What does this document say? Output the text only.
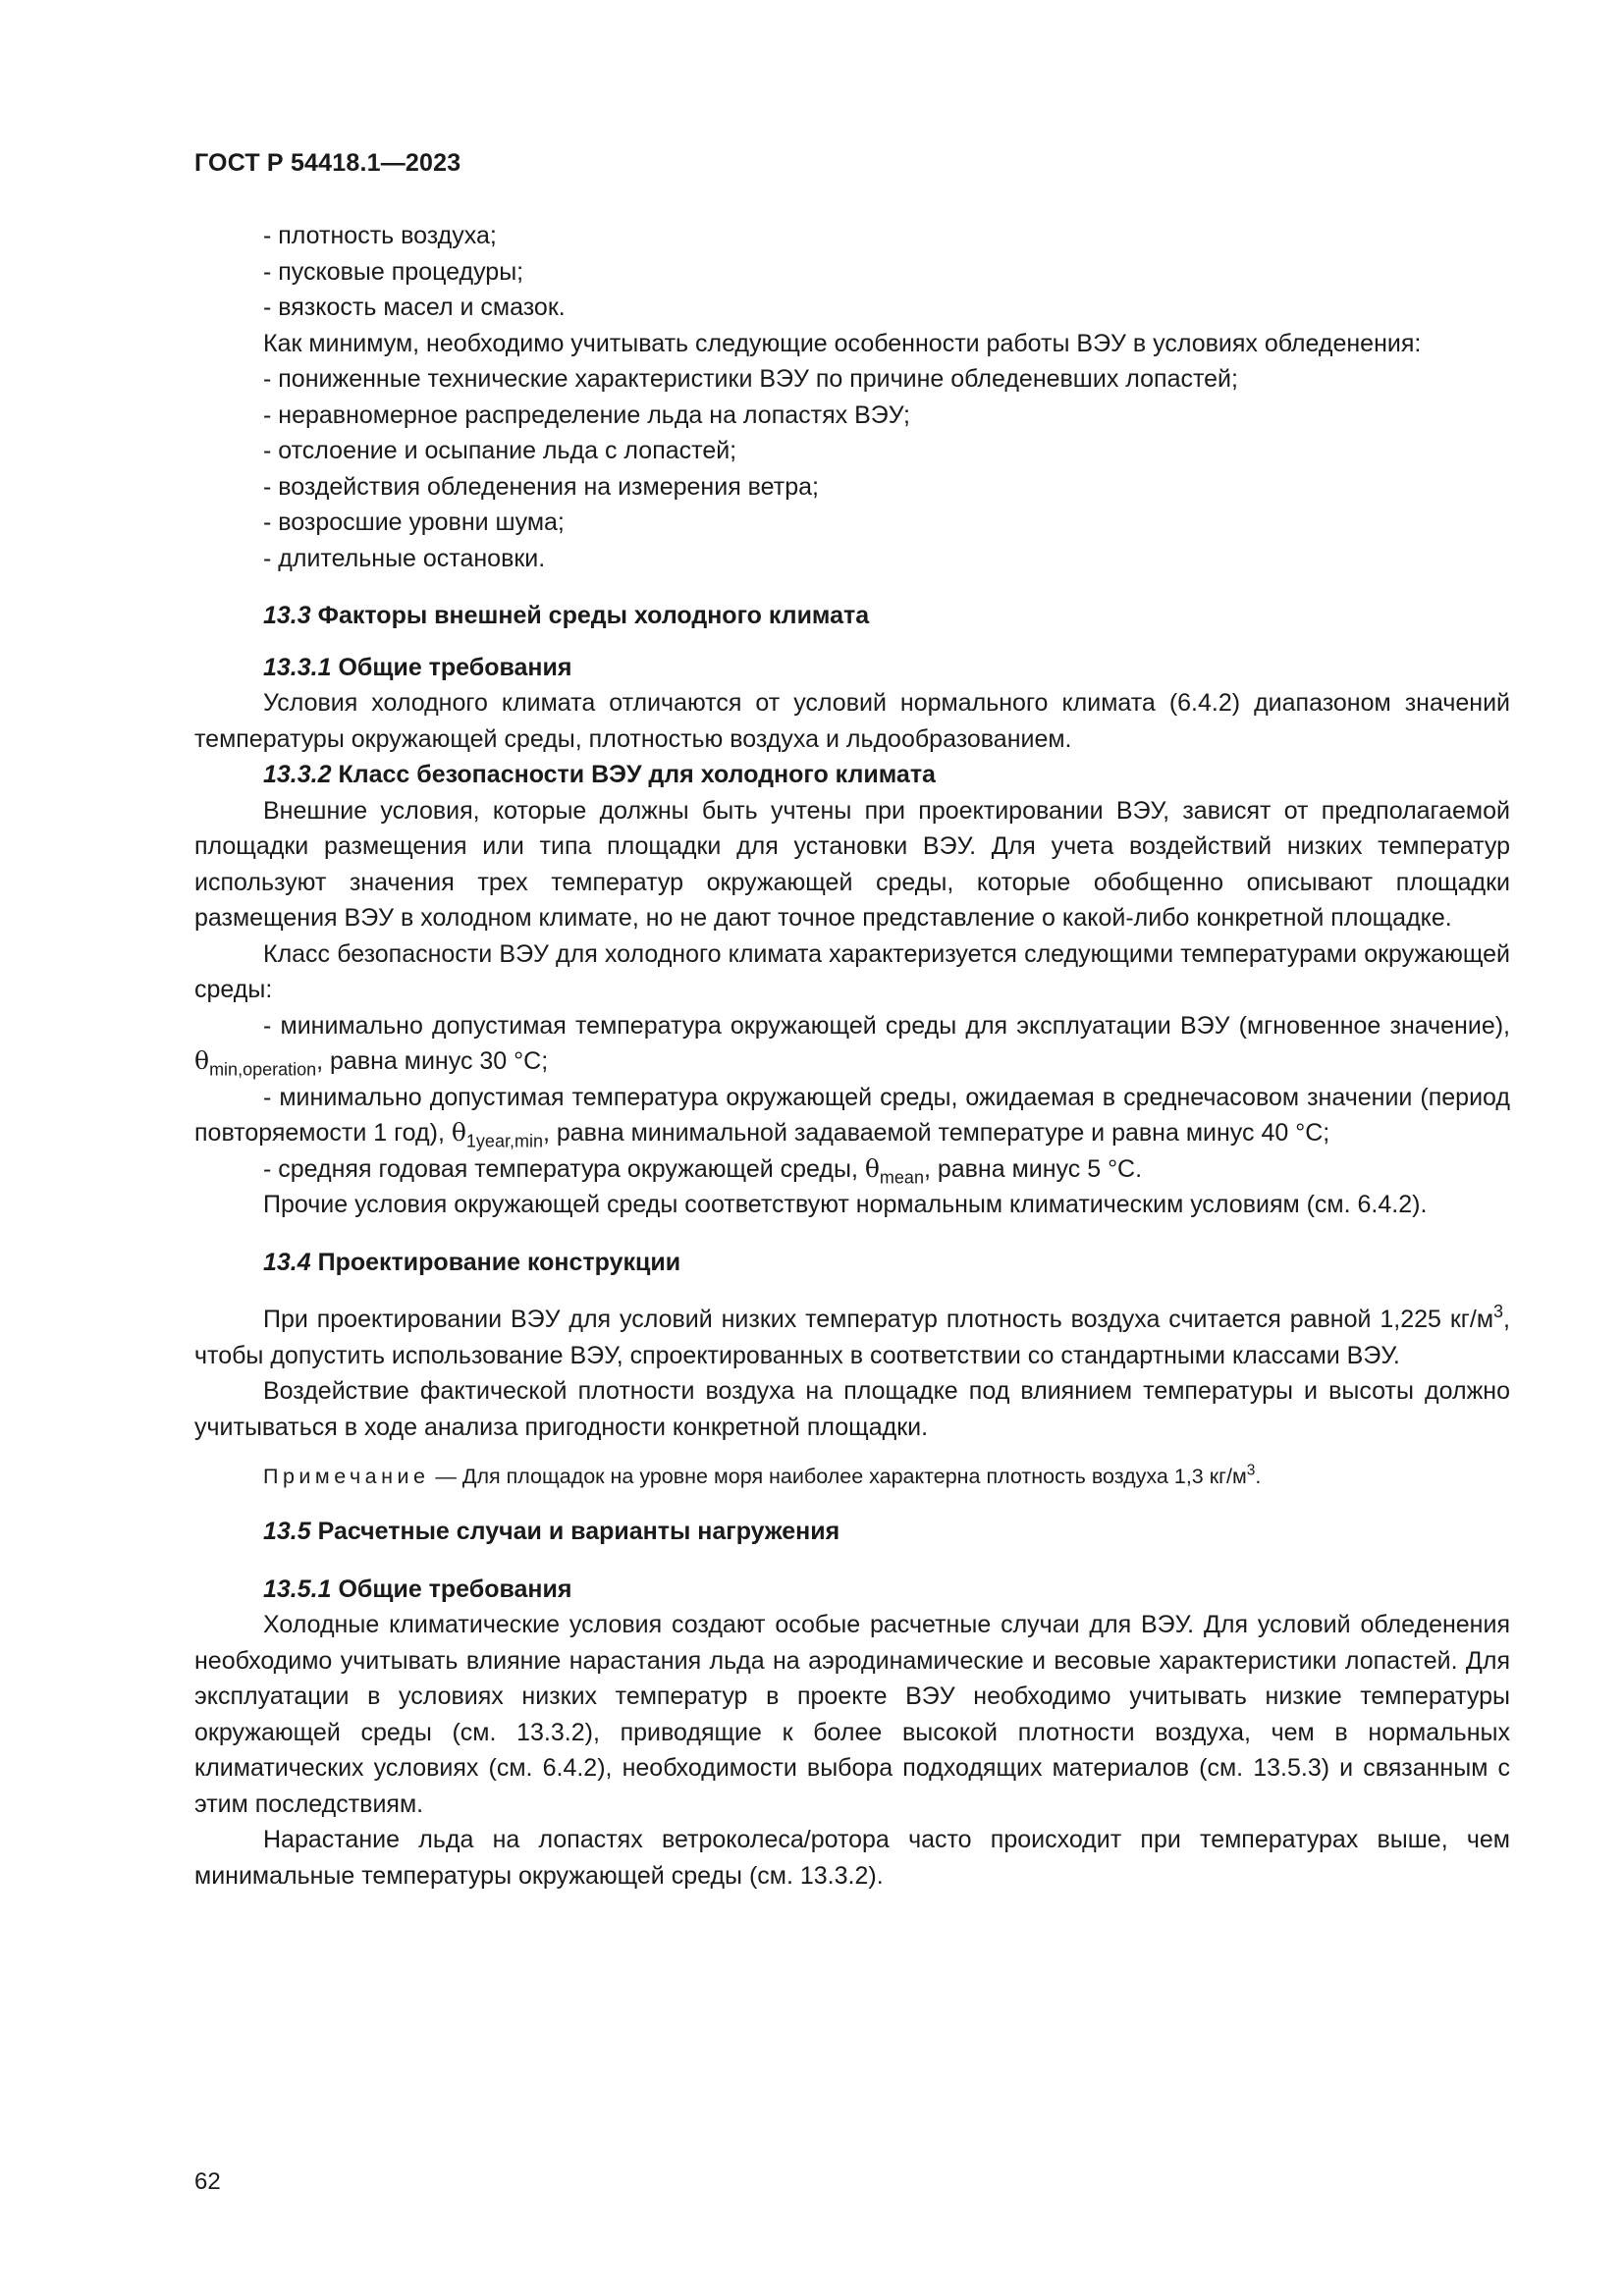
ГОСТ Р 54418.1—2023

- плотность воздуха;

- пусковые процедуры;

- вязкость масел и смазок.

Как минимум, необходимо учитывать следующие особенности работы ВЭУ в условиях обледенения:

- пониженные технические характеристики ВЭУ по причине обледеневших лопастей;

- неравномерное распределение льда на лопастях ВЭУ;

- отслоение и осыпание льда с лопастей;

- воздействия обледенения на измерения ветра;

- возросшие уровни шума;

- длительные остановки.

13.3 Факторы внешней среды холодного климата

13.3.1 Общие требования

Условия холодного климата отличаются от условий нормального климата (6.4.2) диапазоном значений температуры окружающей среды, плотностью воздуха и льдообразованием.

13.3.2 Класс безопасности ВЭУ для холодного климата

Внешние условия, которые должны быть учтены при проектировании ВЭУ, зависят от предполагаемой площадки размещения или типа площадки для установки ВЭУ. Для учета воздействий низких температур используют значения трех температур окружающей среды, которые обобщенно описывают площадки размещения ВЭУ в холодном климате, но не дают точное представление о какой-либо конкретной площадке.

Класс безопасности ВЭУ для холодного климата характеризуется следующими температурами окружающей среды:

- минимально допустимая температура окружающей среды для эксплуатации ВЭУ (мгновенное значение), $\theta_{min,operation}$, равна минус 30 °С;

- минимально допустимая температура окружающей среды, ожидаемая в среднечасовом значении (период повторяемости 1 год), $\theta_{1year,min}$, равна минимальной задаваемой температуре и равна минус 40 °С;

- средняя годовая температура окружающей среды, $\theta_{mean}$, равна минус 5 °С.

Прочие условия окружающей среды соответствуют нормальным климатическим условиям (см. 6.4.2).

13.4 Проектирование конструкции

При проектировании ВЭУ для условий низких температур плотность воздуха считается равной 1,225 $кг/м^3$, чтобы допустить использование ВЭУ, спроектированных в соответствии со стандартными классами ВЭУ.

Воздействие фактической плотности воздуха на площадке под влиянием температуры и высоты должно учитываться в ходе анализа пригодности конкретной площадки.

Примечание — Для площадок на уровне моря наиболее характерна плотность воздуха 1,3 $кг/м^3$.

13.5 Расчетные случаи и варианты нагружения

13.5.1 Общие требования

Холодные климатические условия создают особые расчетные случаи для ВЭУ. Для условий обледенения необходимо учитывать влияние нарастания льда на аэродинамические и весовые характеристики лопастей. Для эксплуатации в условиях низких температур в проекте ВЭУ необходимо учитывать низкие температуры окружающей среды (см. 13.3.2), приводящие к более высокой плотности воздуха, чем в нормальных климатических условиях (см. 6.4.2), необходимости выбора подходящих материалов (см. 13.5.3) и связанным с этим последствиям.

Нарастание льда на лопастях ветроколеса/ротора часто происходит при температурах выше, чем минимальные температуры окружающей среды (см. 13.3.2).

62
